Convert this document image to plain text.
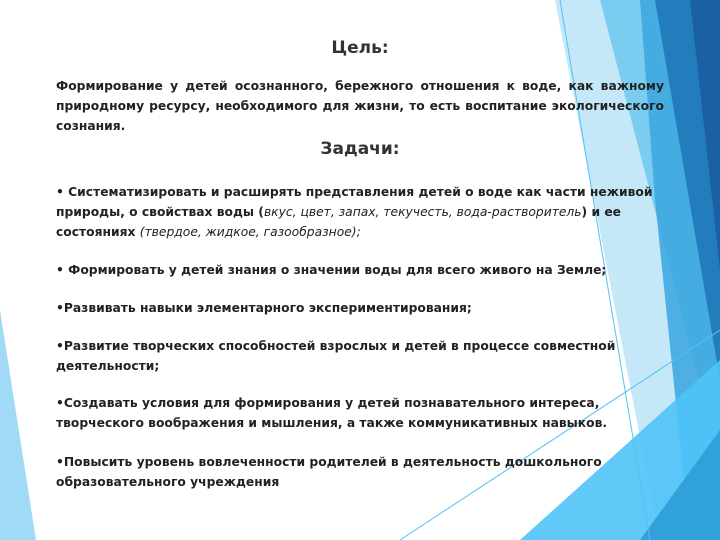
Цель:
Формирование у детей осознанного, бережного отношения к воде, как важному природному ресурсу, необходимого для жизни, то есть воспитание экологического сознания.
Задачи:
• Систематизировать и расширять представления детей о воде как части неживой природы, о свойствах воды (вкус, цвет, запах, текучесть, вода-растворитель) и ее состояниях (твердое, жидкое, газообразное);
• Формировать у детей знания о значении воды для всего живого на Земле;
•Развивать навыки элементарного экспериментирования;
•Развитие творческих способностей взрослых и детей в процессе совместной деятельности;
•Создавать условия для формирования у детей познавательного интереса, творческого воображения и мышления, а также коммуникативных навыков.
•Повысить уровень вовлеченности родителей в деятельность дошкольного образовательного учреждения
